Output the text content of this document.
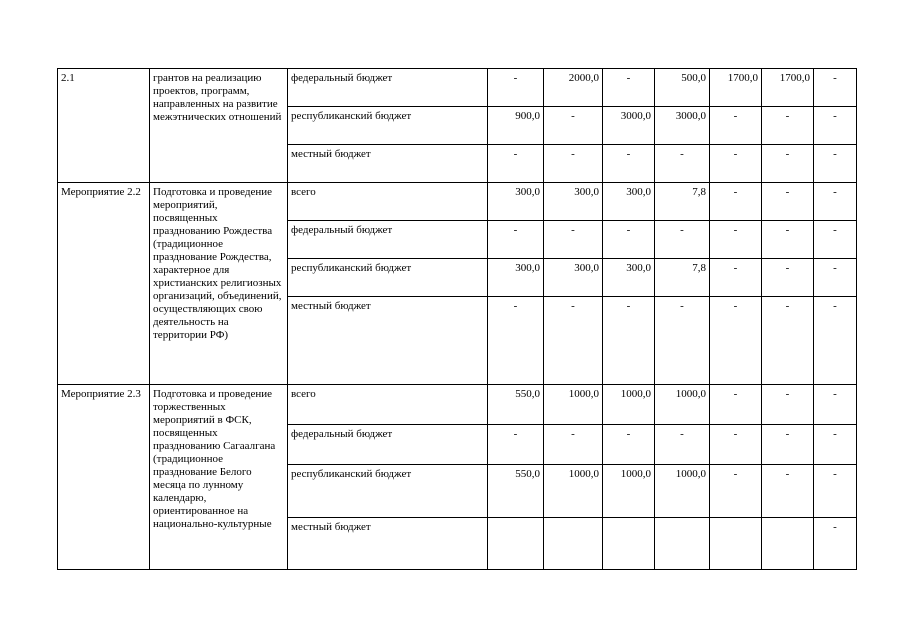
2.1	грантов на реализацию проектов, программ, направленных на развитие межэтнических отношений	федеральный бюджет	-	2000,0	-	500,0	1700,0	1700,0	-
		республиканский бюджет	900,0	-	3000,0	3000,0	-	-	-
		местный бюджет	-	-	-	-	-	-	-
Мероприятие 2.2	Подготовка и проведение мероприятий, посвященных празднованию Рождества (традиционное празднование Рождества, характерное для христианских религиозных организаций, объединений, осуществляющих свою деятельность на территории РФ)	всего	300,0	300,0	300,0	7,8	-	-	-
		федеральный бюджет	-	-	-	-	-	-	-
		республиканский бюджет	300,0	300,0	300,0	7,8	-	-	-
		местный бюджет	-	-	-	-	-	-	-
Мероприятие 2.3	Подготовка и проведение торжественных мероприятий в ФСК, посвященных празднованию Сагаалгана (традиционное празднование Белого месяца по лунному календарю, ориентированное на национально-культурные	всего	550,0	1000,0	1000,0	1000,0	-	-	-
		федеральный бюджет	-	-	-	-	-	-	-
		республиканский бюджет	550,0	1000,0	1000,0	1000,0	-	-	-
		местный бюджет							-
